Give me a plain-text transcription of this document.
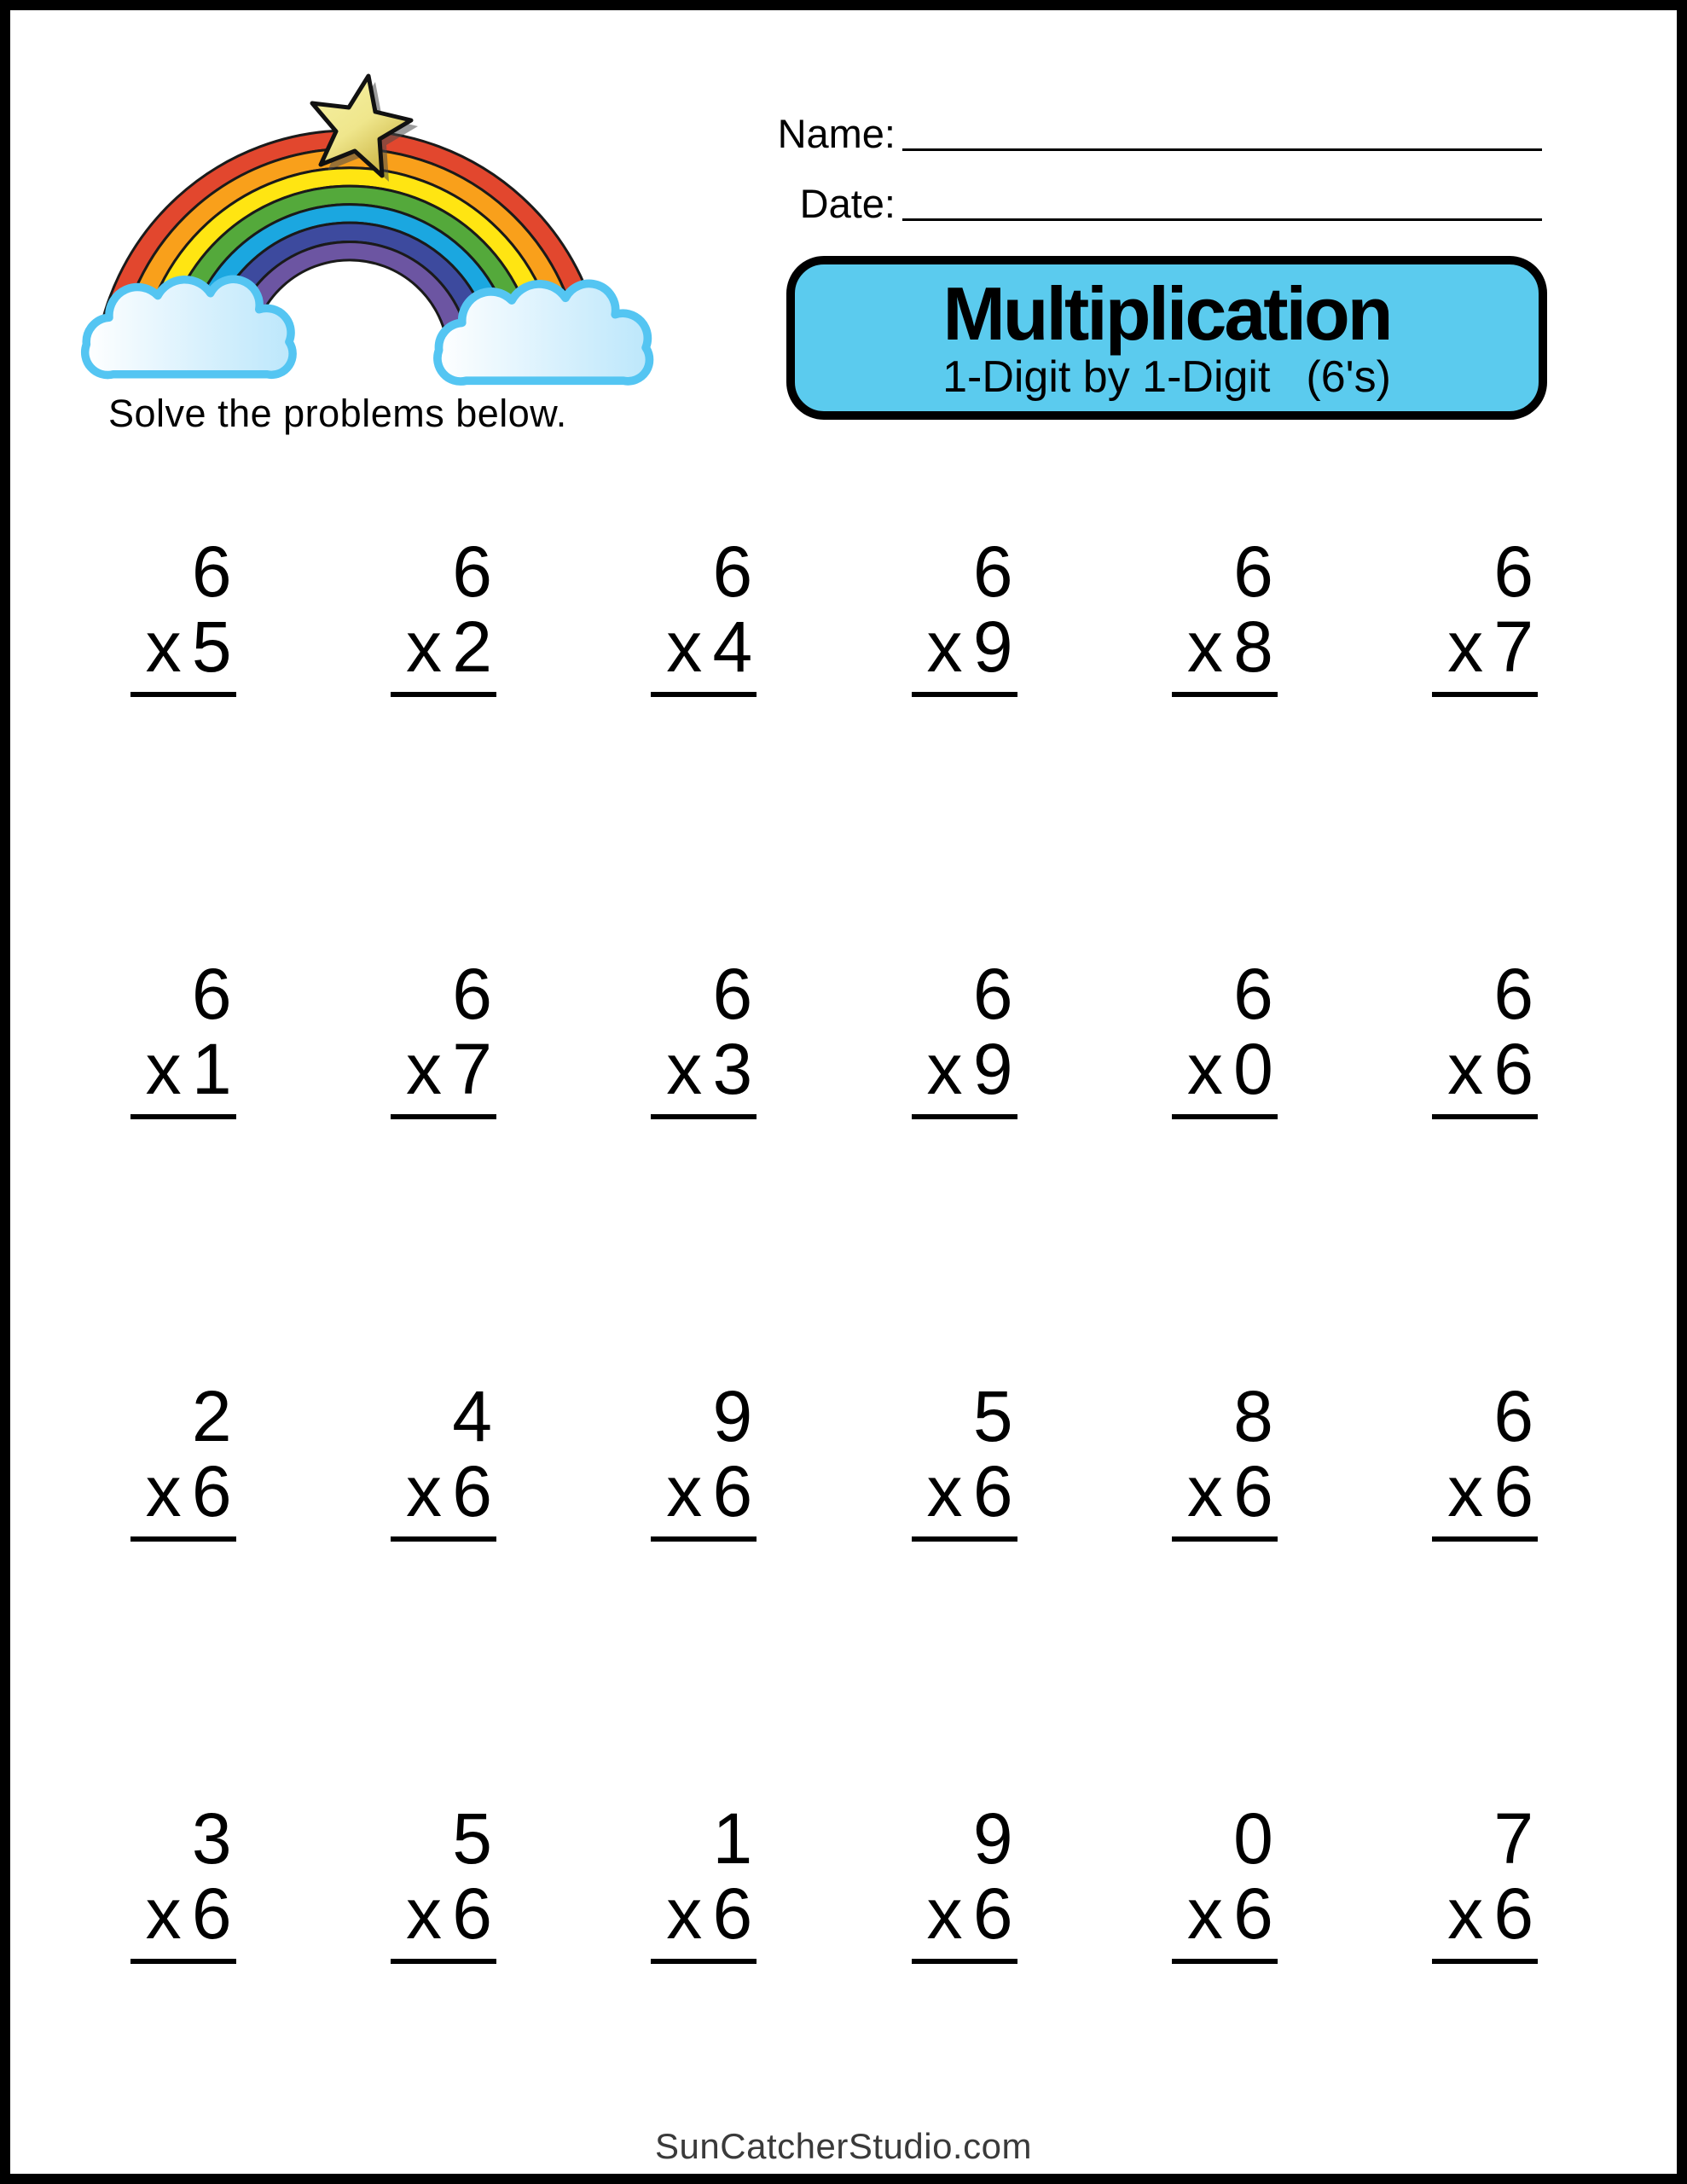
Solve the problems below.
Name:
Date:
Multiplication
1-Digit by 1-Digit (6's)
6
x 5
6
x 2
6
x 4
6
x 9
6
x 8
6
x 7
6
x 1
6
x 7
6
x 3
6
x 9
6
x 0
6
x 6
2
x 6
4
x 6
9
x 6
5
x 6
8
x 6
6
x 6
3
x 6
5
x 6
1
x 6
9
x 6
0
x 6
7
x 6
SunCatcherStudio.com
